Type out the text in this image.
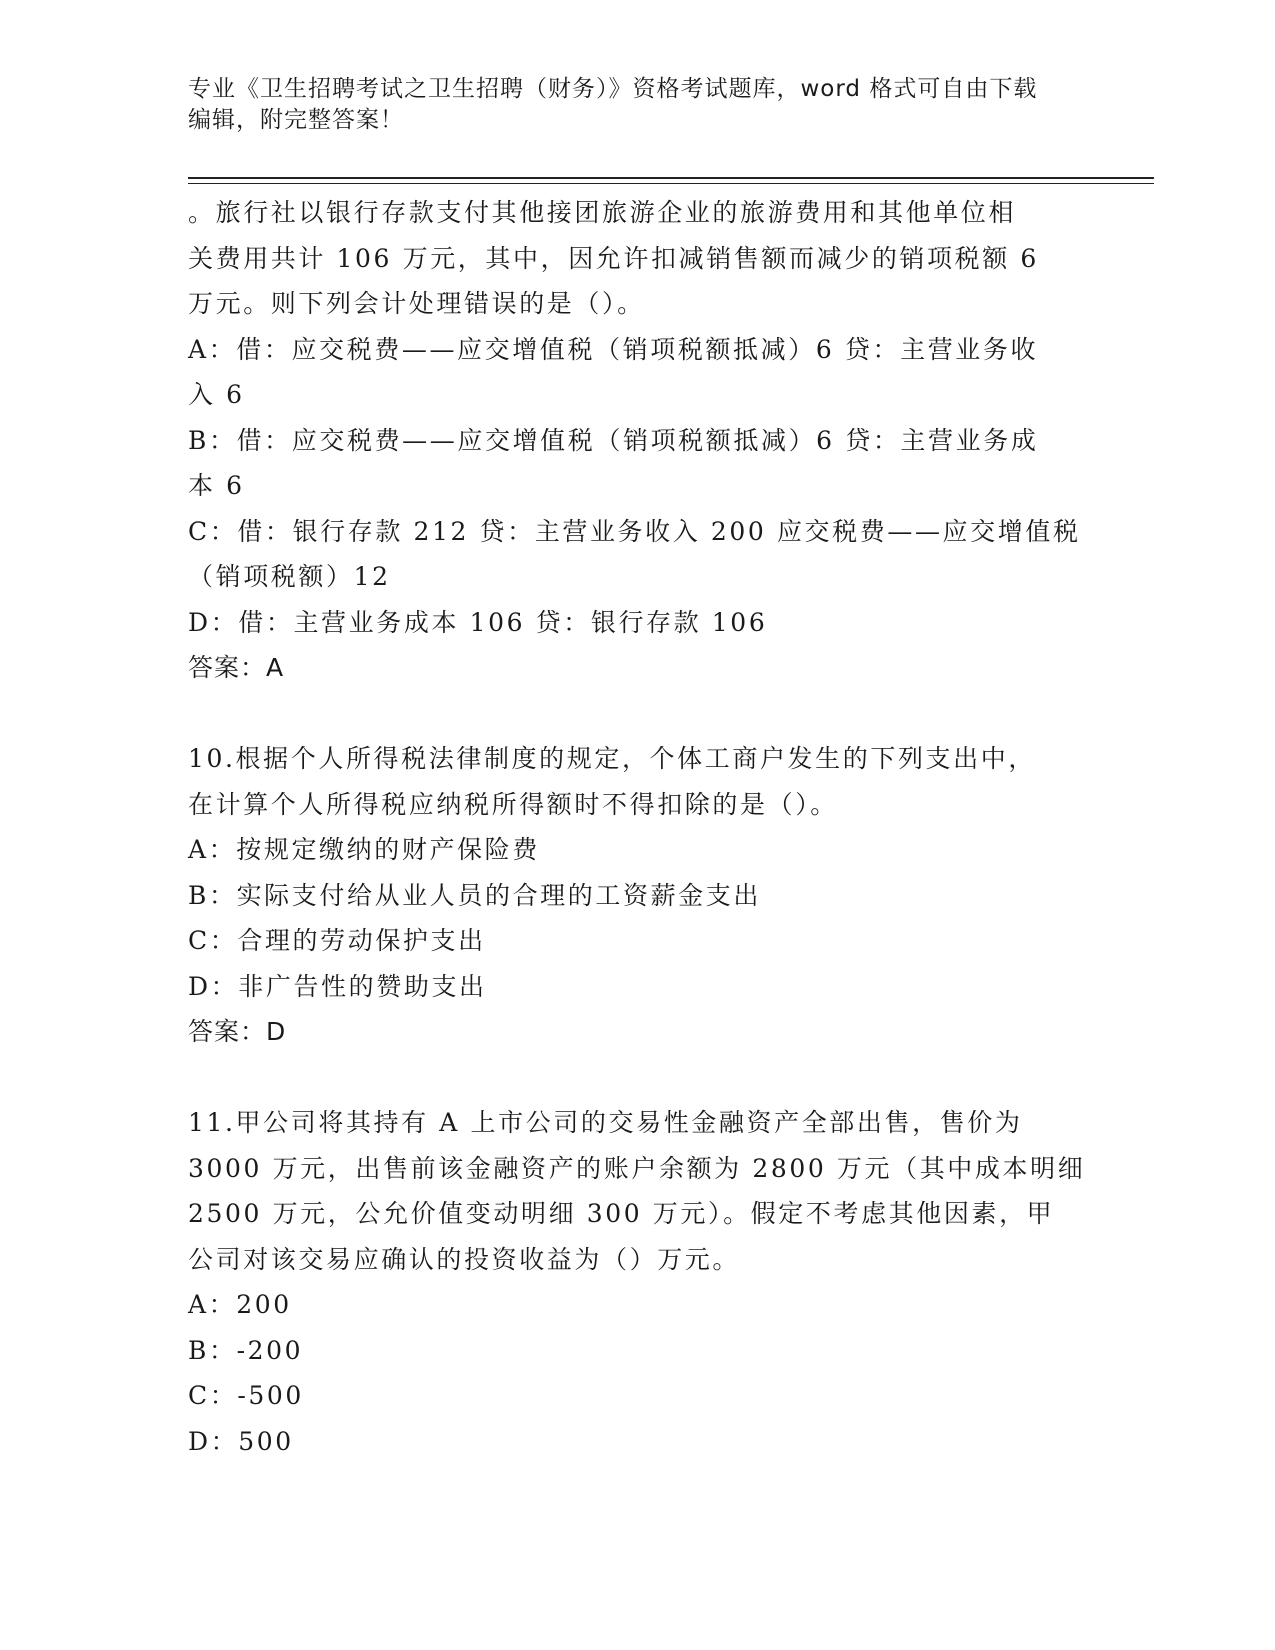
专业《卫生招聘考试之卫生招聘（财务）》资格考试题库，word 格式可自由下载
编辑，附完整答案！
。旅行社以银行存款支付其他接团旅游企业的旅游费用和其他单位相
关费用共计 106 万元，其中，因允许扣减销售额而减少的销项税额 6
万元。则下列会计处理错误的是（）。
A：借：应交税费——应交增值税（销项税额抵减）6 贷：主营业务收
入 6
B：借：应交税费——应交增值税（销项税额抵减）6 贷：主营业务成
本 6
C：借：银行存款 212 贷：主营业务收入 200 应交税费——应交增值税
（销项税额）12
D：借：主营业务成本 106 贷：银行存款 106
答案：A
10.根据个人所得税法律制度的规定，个体工商户发生的下列支出中，
在计算个人所得税应纳税所得额时不得扣除的是（）。
A：按规定缴纳的财产保险费
B：实际支付给从业人员的合理的工资薪金支出
C：合理的劳动保护支出
D：非广告性的赞助支出
答案：D
11.甲公司将其持有 A 上市公司的交易性金融资产全部出售，售价为
3000 万元，出售前该金融资产的账户余额为 2800 万元（其中成本明细
2500 万元，公允价值变动明细 300 万元）。假定不考虑其他因素，甲
公司对该交易应确认的投资收益为（）万元。
A：200
B：-200
C：-500
D：500
